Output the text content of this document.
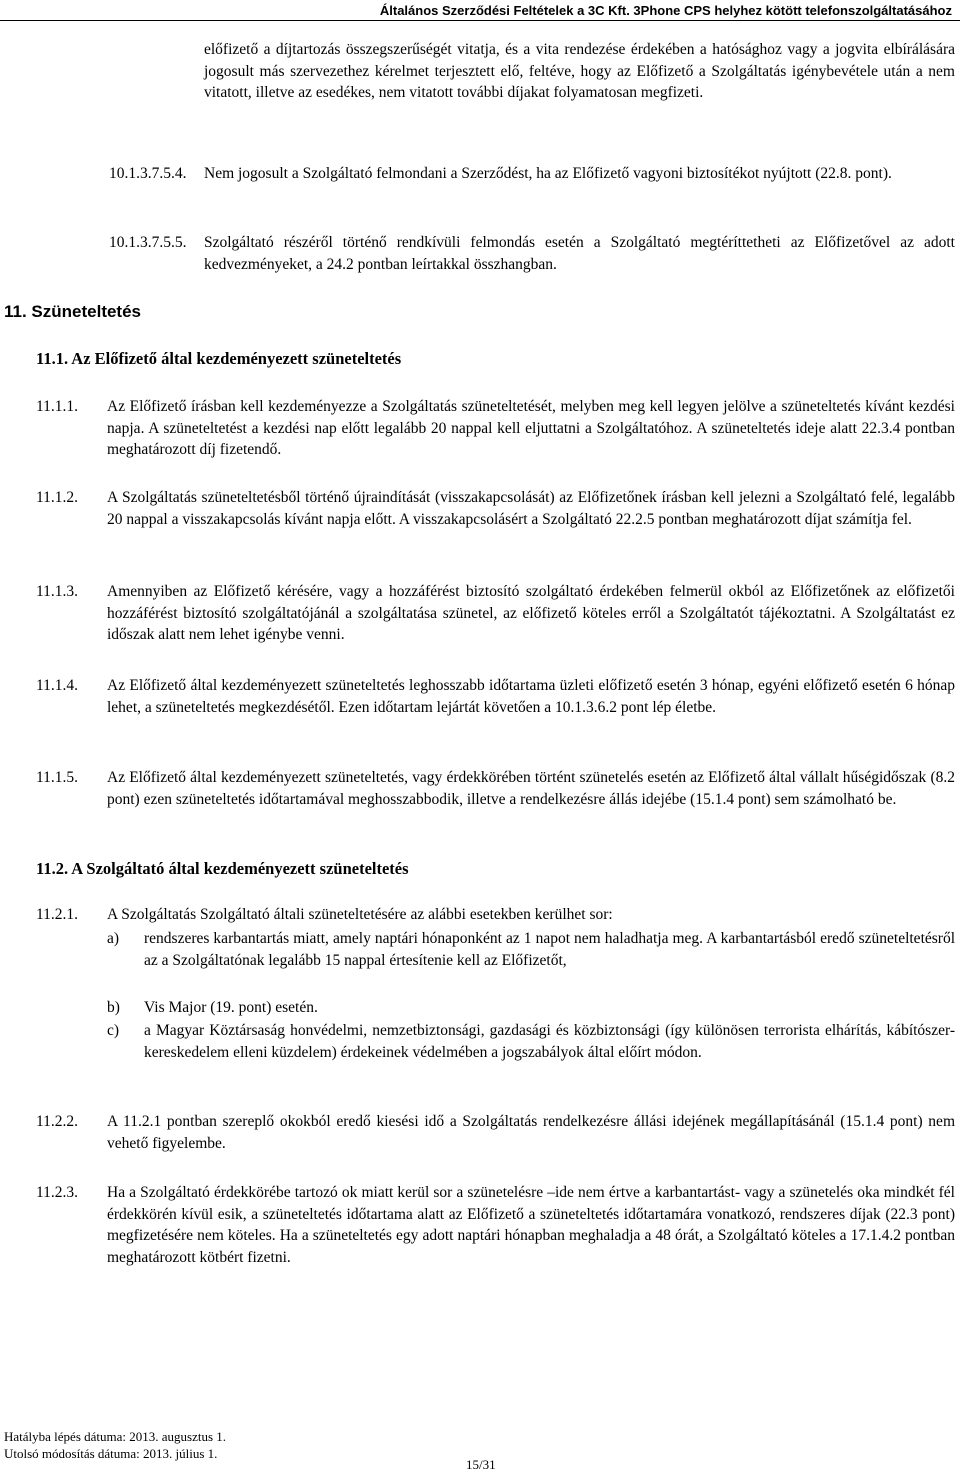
Általános Szerződési Feltételek a 3C Kft. 3Phone CPS helyhez kötött telefonszolgáltatásához
előfizető a díjtartozás összegszerűségét vitatja, és a vita rendezése érdekében a hatósághoz vagy a jogvita elbírálására jogosult más szervezethez kérelmet terjesztett elő, feltéve, hogy az Előfizető a Szolgáltatás igénybevétele után a nem vitatott, illetve az esedékes, nem vitatott további díjakat folyamatosan megfizeti.
10.1.3.7.5.4. Nem jogosult a Szolgáltató felmondani a Szerződést, ha az Előfizető vagyoni biztosítékot nyújtott (22.8. pont).
10.1.3.7.5.5. Szolgáltató részéről történő rendkívüli felmondás esetén a Szolgáltató megtéríttetheti az Előfizetővel az adott kedvezményeket, a 24.2 pontban leírtakkal összhangban.
11. Szüneteltetés
11.1. Az Előfizető által kezdeményezett szüneteltetés
11.1.1. Az Előfizető írásban kell kezdeményezze a Szolgáltatás szüneteltetését, melyben meg kell legyen jelölve a szüneteltetés kívánt kezdési napja. A szüneteltetést a kezdési nap előtt legalább 20 nappal kell eljuttatni a Szolgáltatóhoz. A szüneteltetés ideje alatt 22.3.4 pontban meghatározott díj fizetendő.
11.1.2. A Szolgáltatás szüneteltetésből történő újraindítását (visszakapcsolását) az Előfizetőnek írásban kell jelezni a Szolgáltató felé, legalább 20 nappal a visszakapcsolás kívánt napja előtt. A visszakapcsolásért a Szolgáltató 22.2.5 pontban meghatározott díjat számítja fel.
11.1.3. Amennyiben az Előfizető kérésére, vagy a hozzáférést biztosító szolgáltató érdekében felmerül okból az Előfizetőnek az előfizetői hozzáférést biztosító szolgáltatójánál a szolgáltatása szünetel, az előfizető köteles erről a Szolgáltatót tájékoztatni. A Szolgáltatást ez időszak alatt nem lehet igénybe venni.
11.1.4. Az Előfizető által kezdeményezett szüneteltetés leghosszabb időtartama üzleti előfizető esetén 3 hónap, egyéni előfizető esetén 6 hónap lehet, a szüneteltetés megkezdésétől. Ezen időtartam lejártát követően a 10.1.3.6.2 pont lép életbe.
11.1.5. Az Előfizető által kezdeményezett szüneteltetés, vagy érdekkörében történt szünetelés esetén az Előfizető által vállalt hűségidőszak (8.2 pont) ezen szüneteltetés időtartamával meghosszabbodik, illetve a rendelkezésre állás idejébe (15.1.4 pont) sem számolható be.
11.2. A Szolgáltató által kezdeményezett szüneteltetés
11.2.1. A Szolgáltatás Szolgáltató általi szüneteltetésére az alábbi esetekben kerülhet sor:
a) rendszeres karbantartás miatt, amely naptári hónaponként az 1 napot nem haladhatja meg. A karbantartásból eredő szüneteltetésről az a Szolgáltatónak legalább 15 nappal értesítenie kell az Előfizetőt,
b) Vis Major (19. pont) esetén.
c) a Magyar Köztársaság honvédelmi, nemzetbiztonsági, gazdasági és közbiztonsági (így különösen terrorista elhárítás, kábítószer-kereskedelem elleni küzdelem) érdekeinek védelmében a jogszabályok által előírt módon.
11.2.2. A 11.2.1 pontban szereplő okokból eredő kiesési idő a Szolgáltatás rendelkezésre állási idejének megállapításánál (15.1.4 pont) nem vehető figyelembe.
11.2.3. Ha a Szolgáltató érdekkörébe tartozó ok miatt kerül sor a szünetelésre –ide nem értve a karbantartást- vagy a szünetelés oka mindkét fél érdekkörén kívül esik, a szüneteltetés időtartama alatt az Előfizető a szüneteltetés időtartamára vonatkozó, rendszeres díjak (22.3 pont) megfizetésére nem köteles. Ha a szüneteltetés egy adott naptári hónapban meghaladja a 48 órát, a Szolgáltató köteles a 17.1.4.2 pontban meghatározott kötbért fizetni.
Hatályba lépés dátuma: 2013. augusztus 1.
Utolsó módosítás dátuma: 2013. július 1.
15/31
